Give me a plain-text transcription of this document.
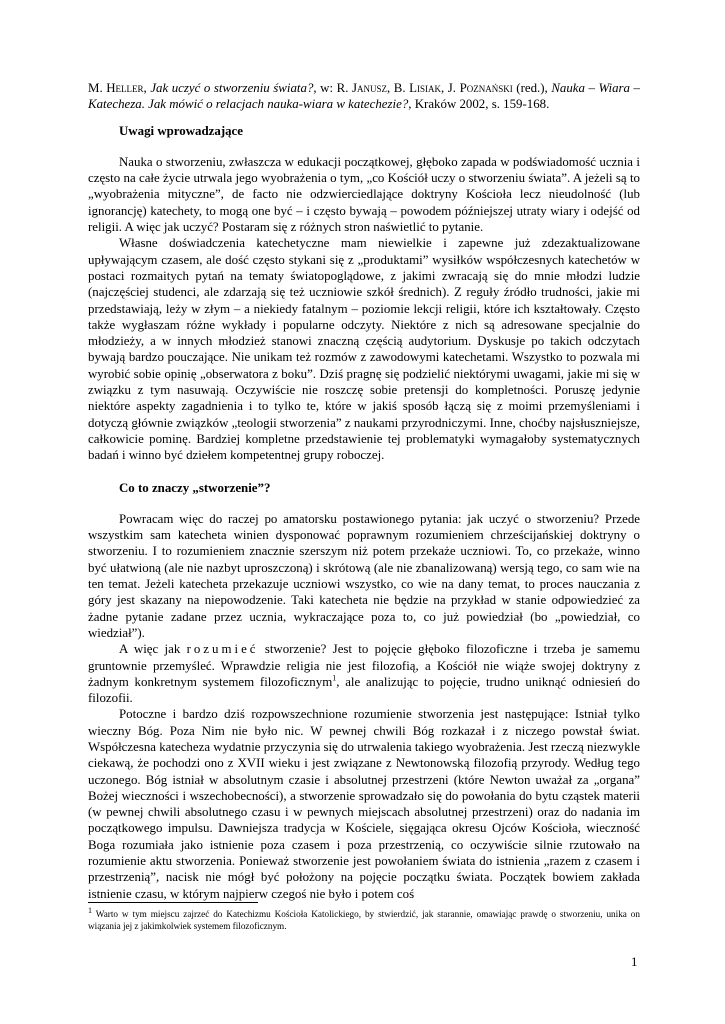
M. Heller, Jak uczyć o stworzeniu świata?, w: R. Janusz, B. Lisiak, J. Poznański (red.), Nauka – Wiara – Katecheza. Jak mówić o relacjach nauka-wiara w katechezie?, Kraków 2002, s. 159-168.

Uwagi wprowadzające

Nauka o stworzeniu, zwłaszcza w edukacji początkowej, głęboko zapada w podświadomość ucznia i często na całe życie utrwala jego wyobrażenia o tym, „co Kościół uczy o stworzeniu świata”. A jeżeli są to „wyobrażenia mityczne”, de facto nie odzwierciedlające doktryny Kościoła lecz nieudolność (lub ignorancję) katechety, to mogą one być – i często bywają – powodem późniejszej utraty wiary i odejść od religii. A więc jak uczyć? Postaram się z różnych stron naświetlić to pytanie.

Własne doświadczenia katechetyczne mam niewielkie i zapewne już zdezaktualizowane upływającym czasem, ale dość często stykani się z „produktami” wysiłków współczesnych katechetów w postaci rozmaitych pytań na tematy światopoglądowe, z jakimi zwracają się do mnie młodzi ludzie (najczęściej studenci, ale zdarzają się też uczniowie szkół średnich). Z reguły źródło trudności, jakie mi przedstawiają, leży w złym – a niekiedy fatalnym – poziomie lekcji religii, które ich kształtowały. Często także wygłaszam różne wykłady i popularne odczyty. Niektóre z nich są adresowane specjalnie do młodzieży, a w innych młodzież stanowi znaczną częścią audytorium. Dyskusje po takich odczytach bywają bardzo pouczające. Nie unikam też rozmów z zawodowymi katechetami. Wszystko to pozwala mi wyrobić sobie opinię „obserwatora z boku”. Dziś pragnę się podzielić niektórymi uwagami, jakie mi się w związku z tym nasuwają. Oczywiście nie roszczę sobie pretensji do kompletności. Poruszę jedynie niektóre aspekty zagadnienia i to tylko te, które w jakiś sposób łączą się z moimi przemyśleniami i dotyczą głównie związków „teologii stworzenia” z naukami przyrodniczymi. Inne, choćby najsłuszniejsze, całkowicie pominę. Bardziej kompletne przedstawienie tej problematyki wymagałoby systematycznych badań i winno być dziełem kompetentnej grupy roboczej.

Co to znaczy „stworzenie”?

Powracam więc do raczej po amatorsku postawionego pytania: jak uczyć o stworzeniu? Przede wszystkim sam katecheta winien dysponować poprawnym rozumieniem chrześcijańskiej doktryny o stworzeniu. I to rozumieniem znacznie szerszym niż potem przekaże uczniowi. To, co przekaże, winno być ułatwioną (ale nie nazbyt uproszczoną) i skrótową (ale nie zbanalizowaną) wersją tego, co sam wie na ten temat. Jeżeli katecheta przekazuje uczniowi wszystko, co wie na dany temat, to proces nauczania z góry jest skazany na niepowodzenie. Taki katecheta nie będzie na przykład w stanie odpowiedzieć za żadne pytanie zadane przez ucznia, wykraczające poza to, co już powiedział (bo „powiedział, co wiedział”).

A więc jak rozumieć stworzenie? Jest to pojęcie głęboko filozoficzne i trzeba je samemu gruntownie przemyśleć. Wprawdzie religia nie jest filozofią, a Kościół nie wiąże swojej doktryny z żadnym konkretnym systemem filozoficznym$^1$, ale analizując to pojęcie, trudno uniknąć odniesień do filozofii.

Potoczne i bardzo dziś rozpowszechnione rozumienie stworzenia jest następujące: Istniał tylko wieczny Bóg. Poza Nim nie było nic. W pewnej chwili Bóg rozkazał i z niczego powstał świat. Współczesna katecheza wydatnie przyczynia się do utrwalenia takiego wyobrażenia. Jest rzeczą niezwykle ciekawą, że pochodzi ono z XVII wieku i jest związane z Newtonowską filozofią przyrody. Według tego uczonego. Bóg istniał w absolutnym czasie i absolutnej przestrzeni (które Newton uważał za „organa” Bożej wieczności i wszechobecności), a stworzenie sprowadzało się do powołania do bytu cząstek materii (w pewnej chwili absolutnego czasu i w pewnych miejscach absolutnej przestrzeni) oraz do nadania im początkowego impulsu. Dawniejsza tradycja w Kościele, sięgająca okresu Ojców Kościoła, wieczność Boga rozumiała jako istnienie poza czasem i poza przestrzenią, co oczywiście silnie rzutowało na rozumienie aktu stworzenia. Ponieważ stworzenie jest powołaniem świata do istnienia „razem z czasem i przestrzenią”, nacisk nie mógł być położony na pojęcie początku świata. Początek bowiem zakłada istnienie czasu, w którym najpierw czegoś nie było i potem coś

$^1$ Warto w tym miejscu zajrzeć do Katechizmu Kościoła Katolickiego, by stwierdzić, jak starannie, omawiając prawdę o stworzeniu, unika on wiązania jej z jakimkolwiek systemem filozoficznym.

1
